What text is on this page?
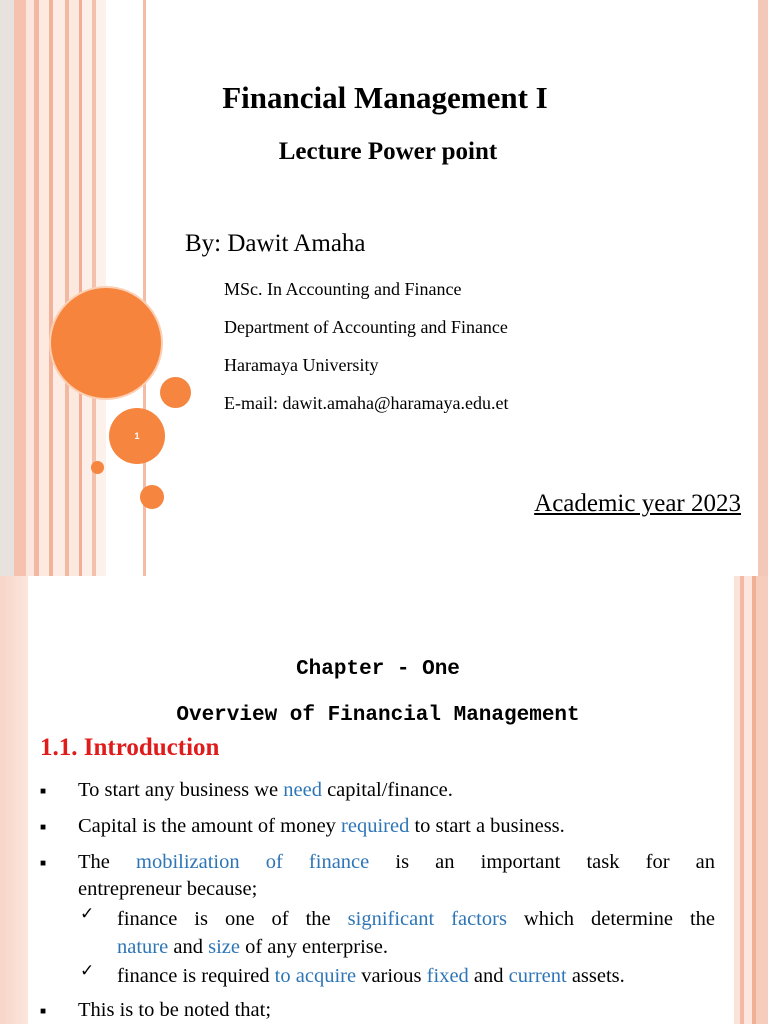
1
Financial Management I
Lecture Power point
By: Dawit Amaha
MSc. In Accounting and Finance
Department of Accounting and Finance
Haramaya University
E-mail: dawit.amaha@haramaya.edu.et
Academic year 2023
Chapter - One
Overview of Financial Management
1.1. Introduction
■ To start any business we need capital/finance.
■ Capital is the amount of money required to start a business.
■ The mobilization of finance is an important task for an
entrepreneur because;
✓ finance is one of the significant factors which determine the
nature and size of any enterprise.
✓ finance is required to acquire various fixed and current assets.
■ This is to be noted that;
